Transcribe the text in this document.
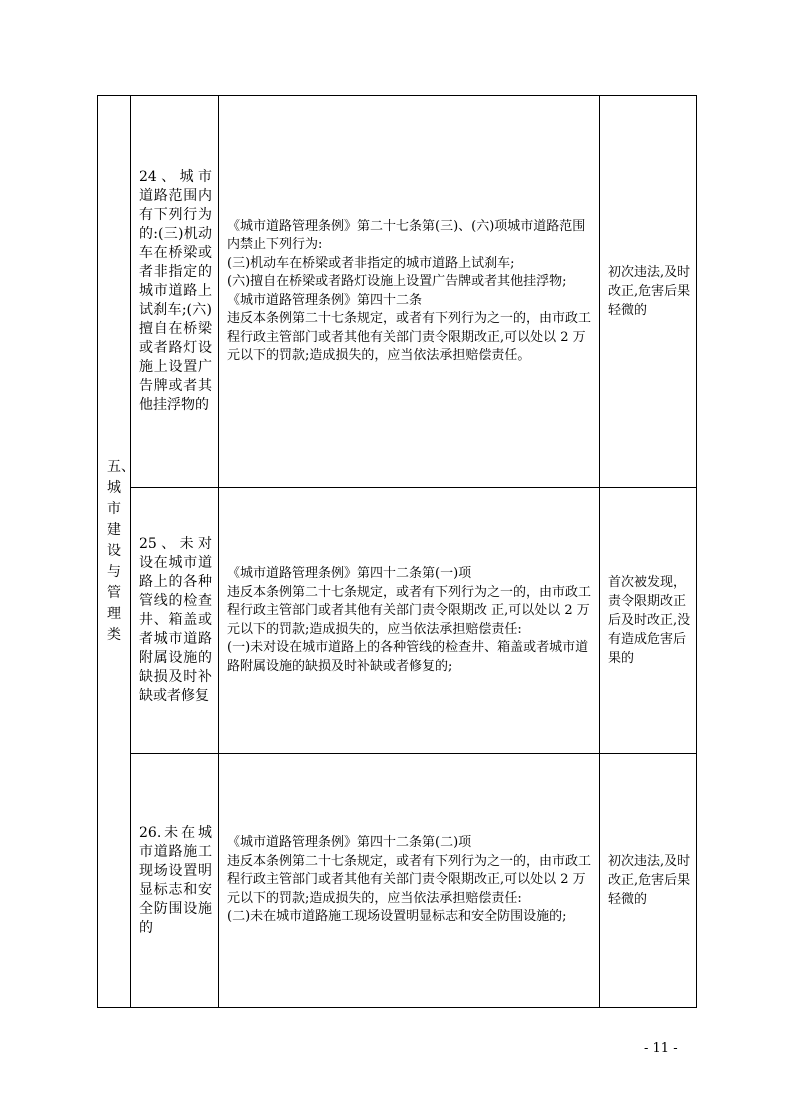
五、城市建设与管理类	24、城市道路范围内有下列行为的:(三)机动车在桥梁或者非指定的城市道路上试刹车;(六)擅自在桥梁或者路灯设施上设置广告牌或者其他挂浮物的	《城市道路管理条例》第二十七条第(三)、(六)项城市道路范围内禁止下列行为:
(三)机动车在桥梁或者非指定的城市道路上试刹车;
(六)擅自在桥梁或者路灯设施上设置广告牌或者其他挂浮物;
《城市道路管理条例》第四十二条
违反本条例第二十七条规定，或者有下列行为之一的，由市政工程行政主管部门或者其他有关部门责令限期改正,可以处以 2 万元以下的罚款;造成损失的，应当依法承担赔偿责任。	初次违法,及时改正,危害后果轻微的

	25、未对设在城市道路上的各种管线的检查井、箱盖或者城市道路附属设施的缺损及时补缺或者修复	《城市道路管理条例》第四十二条第(一)项
违反本条例第二十七条规定，或者有下列行为之一的，由市政工程行政主管部门或者其他有关部门责令限期改 正,可以处以 2 万元以下的罚款;造成损失的，应当依法承担赔偿责任:
(一)未对设在城市道路上的各种管线的检查井、箱盖或者城市道路附属设施的缺损及时补缺或者修复的;	首次被发现，责令限期改正后及时改正,没有造成危害后果的

	26.未在城市道路施工现场设置明显标志和安全防围设施的	《城市道路管理条例》第四十二条第(二)项
违反本条例第二十七条规定，或者有下列行为之一的，由市政工程行政主管部门或者其他有关部门责令限期改正,可以处以 2 万元以下的罚款;造成损失的，应当依法承担赔偿责任:
(二)未在城市道路施工现场设置明显标志和安全防围设施的;	初次违法,及时改正,危害后果轻微的
- 11 -
